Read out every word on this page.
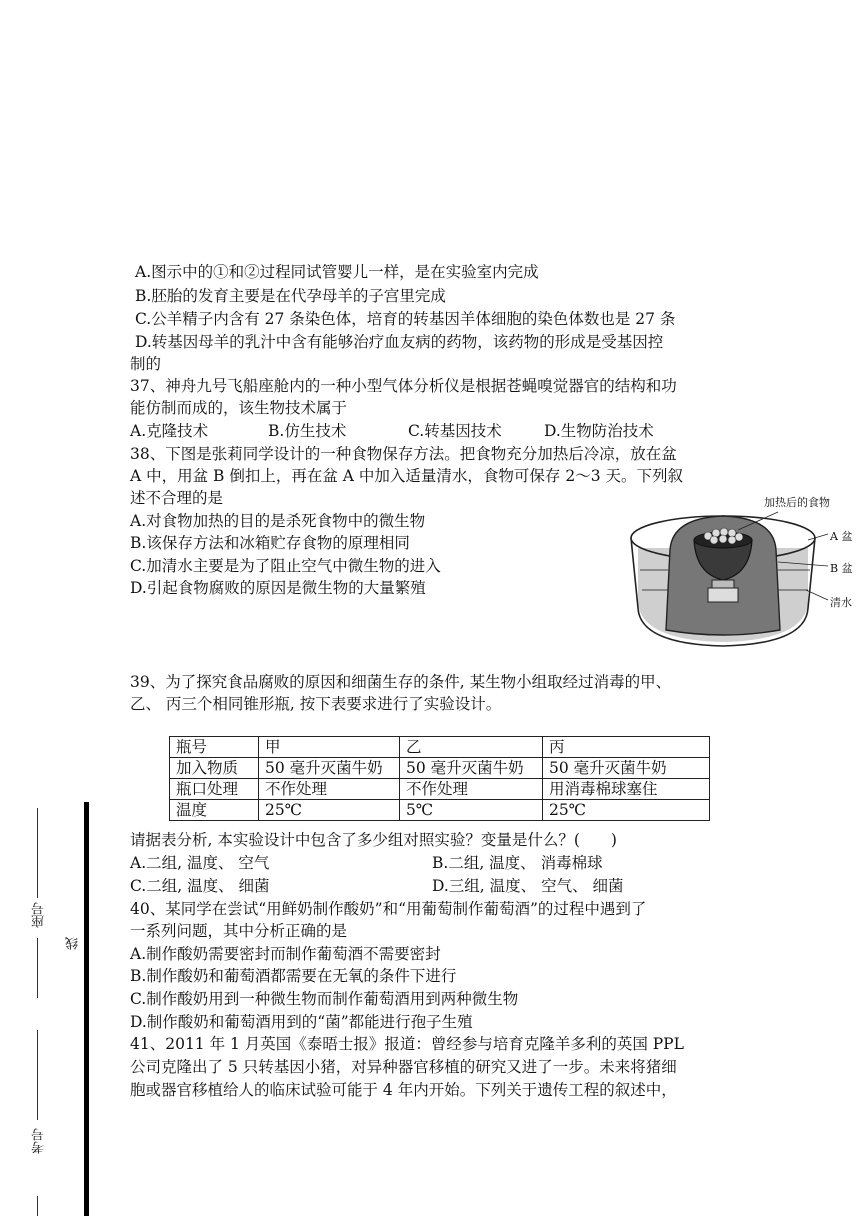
A.图示中的①和②过程同试管婴儿一样，是在实验室内完成
B.胚胎的发育主要是在代孕母羊的子宫里完成
C.公羊精子内含有 27 条染色体，培育的转基因羊体细胞的染色体数也是 27 条
D.转基因母羊的乳汁中含有能够治疗血友病的药物，该药物的形成是受基因控
制的
37、神舟九号飞船座舱内的一种小型气体分析仪是根据苍蝇嗅觉器官的结构和功
能仿制而成的，该生物技术属于
A.克隆技术	B.仿生技术	C.转基因技术	D.生物防治技术
38、下图是张莉同学设计的一种食物保存方法。把食物充分加热后冷凉，放在盆
A 中，用盆 B 倒扣上，再在盆 A 中加入适量清水，食物可保存 2～3 天。下列叙
述不合理的是
A.对食物加热的目的是杀死食物中的微生物
B.该保存方法和冰箱贮存食物的原理相同
C.加清水主要是为了阻止空气中微生物的进入
D.引起食物腐败的原因是微生物的大量繁殖
加热后的食物
A 盆
B 盆
清水
39、为了探究食品腐败的原因和细菌生存的条件, 某生物小组取经过消毒的甲、
乙、 丙三个相同锥形瓶, 按下表要求进行了实验设计。
瓶号	甲	乙	丙
加入物质	50 毫升灭菌牛奶	50 毫升灭菌牛奶	50 毫升灭菌牛奶
瓶口处理	不作处理	不作处理	用消毒棉球塞住
温度	25℃	5℃	25℃
请据表分析, 本实验设计中包含了多少组对照实验？变量是什么？(　　)
A.二组, 温度、 空气	B.二组, 温度、 消毒棉球
C.二组, 温度、 细菌	D.三组, 温度、 空气、 细菌
40、某同学在尝试“用鲜奶制作酸奶”和“用葡萄制作葡萄酒”的过程中遇到了
一系列问题，其中分析正确的是
A.制作酸奶需要密封而制作葡萄酒不需要密封
B.制作酸奶和葡萄酒都需要在无氧的条件下进行
C.制作酸奶用到一种微生物而制作葡萄酒用到两种微生物
D.制作酸奶和葡萄酒用到的“菌”都能进行孢子生殖
41、2011 年 1 月英国《泰晤士报》报道：曾经参与培育克隆羊多利的英国 PPL
公司克隆出了 5 只转基因小猪，对异种器官移植的研究又进了一步。未来将猪细
胞或器官移植给人的临床试验可能于 4 年内开始。下列关于遗传工程的叙述中，
座号
线
考号
